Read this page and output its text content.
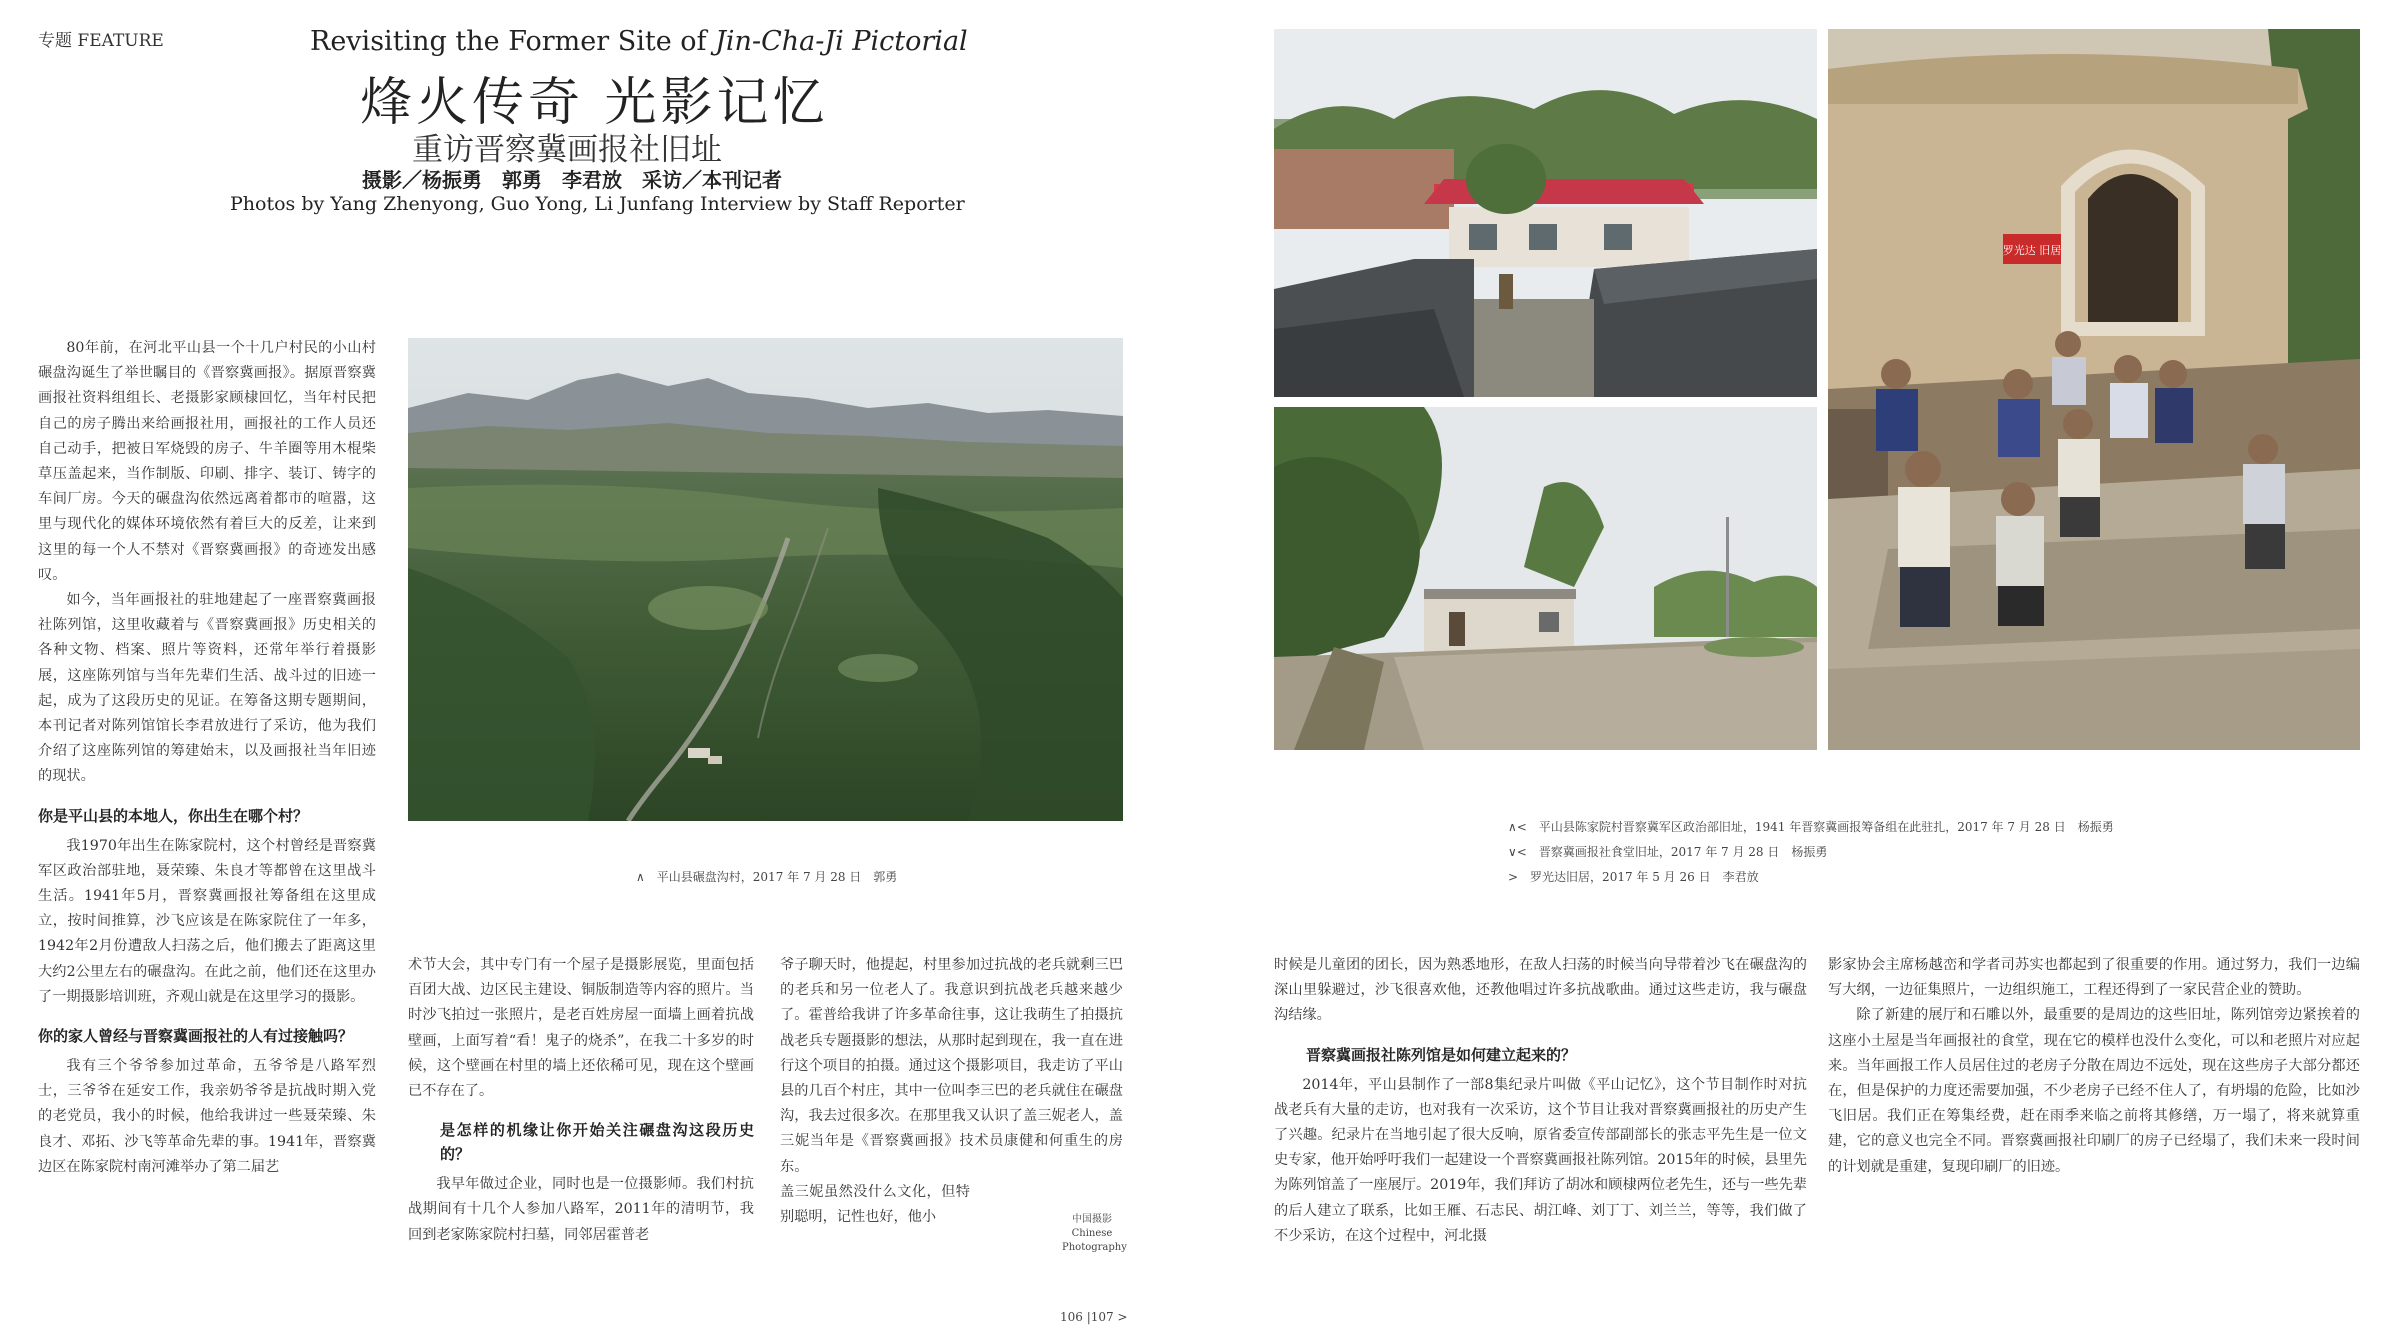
专题 FEATURE	Revisiting the Former Site of Jin-Cha-Ji Pictorial
烽火传奇 光影记忆
重访晋察冀画报社旧址
摄影／杨振勇　郭勇　李君放　采访／本刊记者
Photos by Yang Zhenyong, Guo Yong, Li Junfang Interview by Staff Reporter

80年前，在河北平山县一个十几户村民的小山村碾盘沟诞生了举世瞩目的《晋察冀画报》。据原晋察冀画报社资料组组长、老摄影家顾棣回忆，当年村民把自己的房子腾出来给画报社用，画报社的工作人员还自己动手，把被日军烧毁的房子、牛羊圈等用木棍柴草压盖起来，当作制版、印刷、排字、装订、铸字的车间厂房。今天的碾盘沟依然远离着都市的喧嚣，这里与现代化的媒体环境依然有着巨大的反差，让来到这里的每一个人不禁对《晋察冀画报》的奇迹发出感叹。

如今，当年画报社的驻地建起了一座晋察冀画报社陈列馆，这里收藏着与《晋察冀画报》历史相关的各种文物、档案、照片等资料，还常年举行着摄影展，这座陈列馆与当年先辈们生活、战斗过的旧迹一起，成为了这段历史的见证。在筹备这期专题期间，本刊记者对陈列馆馆长李君放进行了采访，他为我们介绍了这座陈列馆的筹建始末，以及画报社当年旧迹的现状。

你是平山县的本地人，你出生在哪个村？

我1970年出生在陈家院村，这个村曾经是晋察冀军区政治部驻地，聂荣臻、朱良才等都曾在这里战斗生活。1941年5月，晋察冀画报社筹备组在这里成立，按时间推算，沙飞应该是在陈家院住了一年多，1942年2月份遭敌人扫荡之后，他们搬去了距离这里大约2公里左右的碾盘沟。在此之前，他们还在这里办了一期摄影培训班，齐观山就是在这里学习的摄影。

你的家人曾经与晋察冀画报社的人有过接触吗？

我有三个爷爷参加过革命，五爷爷是八路军烈士，三爷爷在延安工作，我亲奶爷爷是抗战时期入党的老党员，我小的时候，他给我讲过一些聂荣臻、朱良才、邓拓、沙飞等革命先辈的事。1941年，晋察冀边区在陈家院村南河滩举办了第二届艺

∧　平山县碾盘沟村，2017 年 7 月 28 日　郭勇

术节大会，其中专门有一个屋子是摄影展览，里面包括百团大战、边区民主建设、铜版制造等内容的照片。当时沙飞拍过一张照片，是老百姓房屋一面墙上画着抗战壁画，上面写着“看！鬼子的烧杀”，在我二十多岁的时候，这个壁画在村里的墙上还依稀可见，现在这个壁画已不存在了。

是怎样的机缘让你开始关注碾盘沟这段历史的？

我早年做过企业，同时也是一位摄影师。我们村抗战期间有十几个人参加八路军，2011年的清明节，我回到老家陈家院村扫墓，同邻居霍普老

爷子聊天时，他提起，村里参加过抗战的老兵就剩三巴的老兵和另一位老人了。我意识到抗战老兵越来越少了。霍普给我讲了许多革命往事，这让我萌生了拍摄抗战老兵专题摄影的想法，从那时起到现在，我一直在进行这个项目的拍摄。通过这个摄影项目，我走访了平山县的几百个村庄，其中一位叫李三巴的老兵就住在碾盘沟，我去过很多次。在那里我又认识了盖三妮老人，盖三妮当年是《晋察冀画报》技术员康健和何重生的房东。

盖三妮虽然没什么文化，但特别聪明，记性也好，他小	中国摄影
Chinese
Photography
罗光达 旧居
∧<　平山县陈家院村晋察冀军区政治部旧址，1941 年晋察冀画报筹备组在此驻扎，2017 年 7 月 28 日　杨振勇
∨<　晋察冀画报社食堂旧址，2017 年 7 月 28 日　杨振勇
>　罗光达旧居，2017 年 5 月 26 日　李君放

时候是儿童团的团长，因为熟悉地形，在敌人扫荡的时候当向导带着沙飞在碾盘沟的深山里躲避过，沙飞很喜欢他，还教他唱过许多抗战歌曲。通过这些走访，我与碾盘沟结缘。

晋察冀画报社陈列馆是如何建立起来的？

2014年，平山县制作了一部8集纪录片叫做《平山记忆》，这个节目制作时对抗战老兵有大量的走访，也对我有一次采访，这个节目让我对晋察冀画报社的历史产生了兴趣。纪录片在当地引起了很大反响，原省委宣传部副部长的张志平先生是一位文史专家，他开始呼吁我们一起建设一个晋察冀画报社陈列馆。2015年的时候，县里先为陈列馆盖了一座展厅。2019年，我们拜访了胡冰和顾棣两位老先生，还与一些先辈的后人建立了联系，比如王雁、石志民、胡江峰、刘丁丁、刘兰兰，等等，我们做了不少采访，在这个过程中，河北摄

影家协会主席杨越峦和学者司苏实也都起到了很重要的作用。通过努力，我们一边编写大纲，一边征集照片，一边组织施工，工程还得到了一家民营企业的赞助。

除了新建的展厅和石雕以外，最重要的是周边的这些旧址，陈列馆旁边紧挨着的这座小土屋是当年画报社的食堂，现在它的模样也没什么变化，可以和老照片对应起来。当年画报工作人员居住过的老房子分散在周边不远处，现在这些房子大部分都还在，但是保护的力度还需要加强，不少老房子已经不住人了，有坍塌的危险，比如沙飞旧居。我们正在筹集经费，赶在雨季来临之前将其修缮，万一塌了，将来就算重建，它的意义也完全不同。晋察冀画报社印刷厂的房子已经塌了，我们未来一段时间的计划就是重建，复现印刷厂的旧迹。

106 |107 >
